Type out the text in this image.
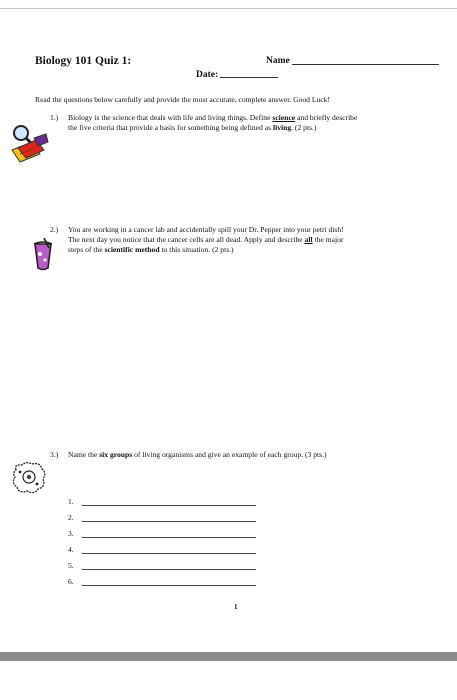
Biology 101 Quiz 1:	Name
Date:
Read the questions below carefully and provide the most accurate, complete answer. Good Luck!
1.) Biology is the science that deals with life and living things. Define science and briefly describe
the five criteria that provide a basis for something being defined as living. (2 pts.)
2.) You are working in a cancer lab and accidentally spill your Dr. Pepper into your petri dish!
The next day you notice that the cancer cells are all dead. Apply and describe all the major
steps of the scientific method to this situation. (2 pts.)
3.) Name the six groups of living organisms and give an example of each group. (3 pts.)
1.
2.
3.
4.
5.
6.
1
